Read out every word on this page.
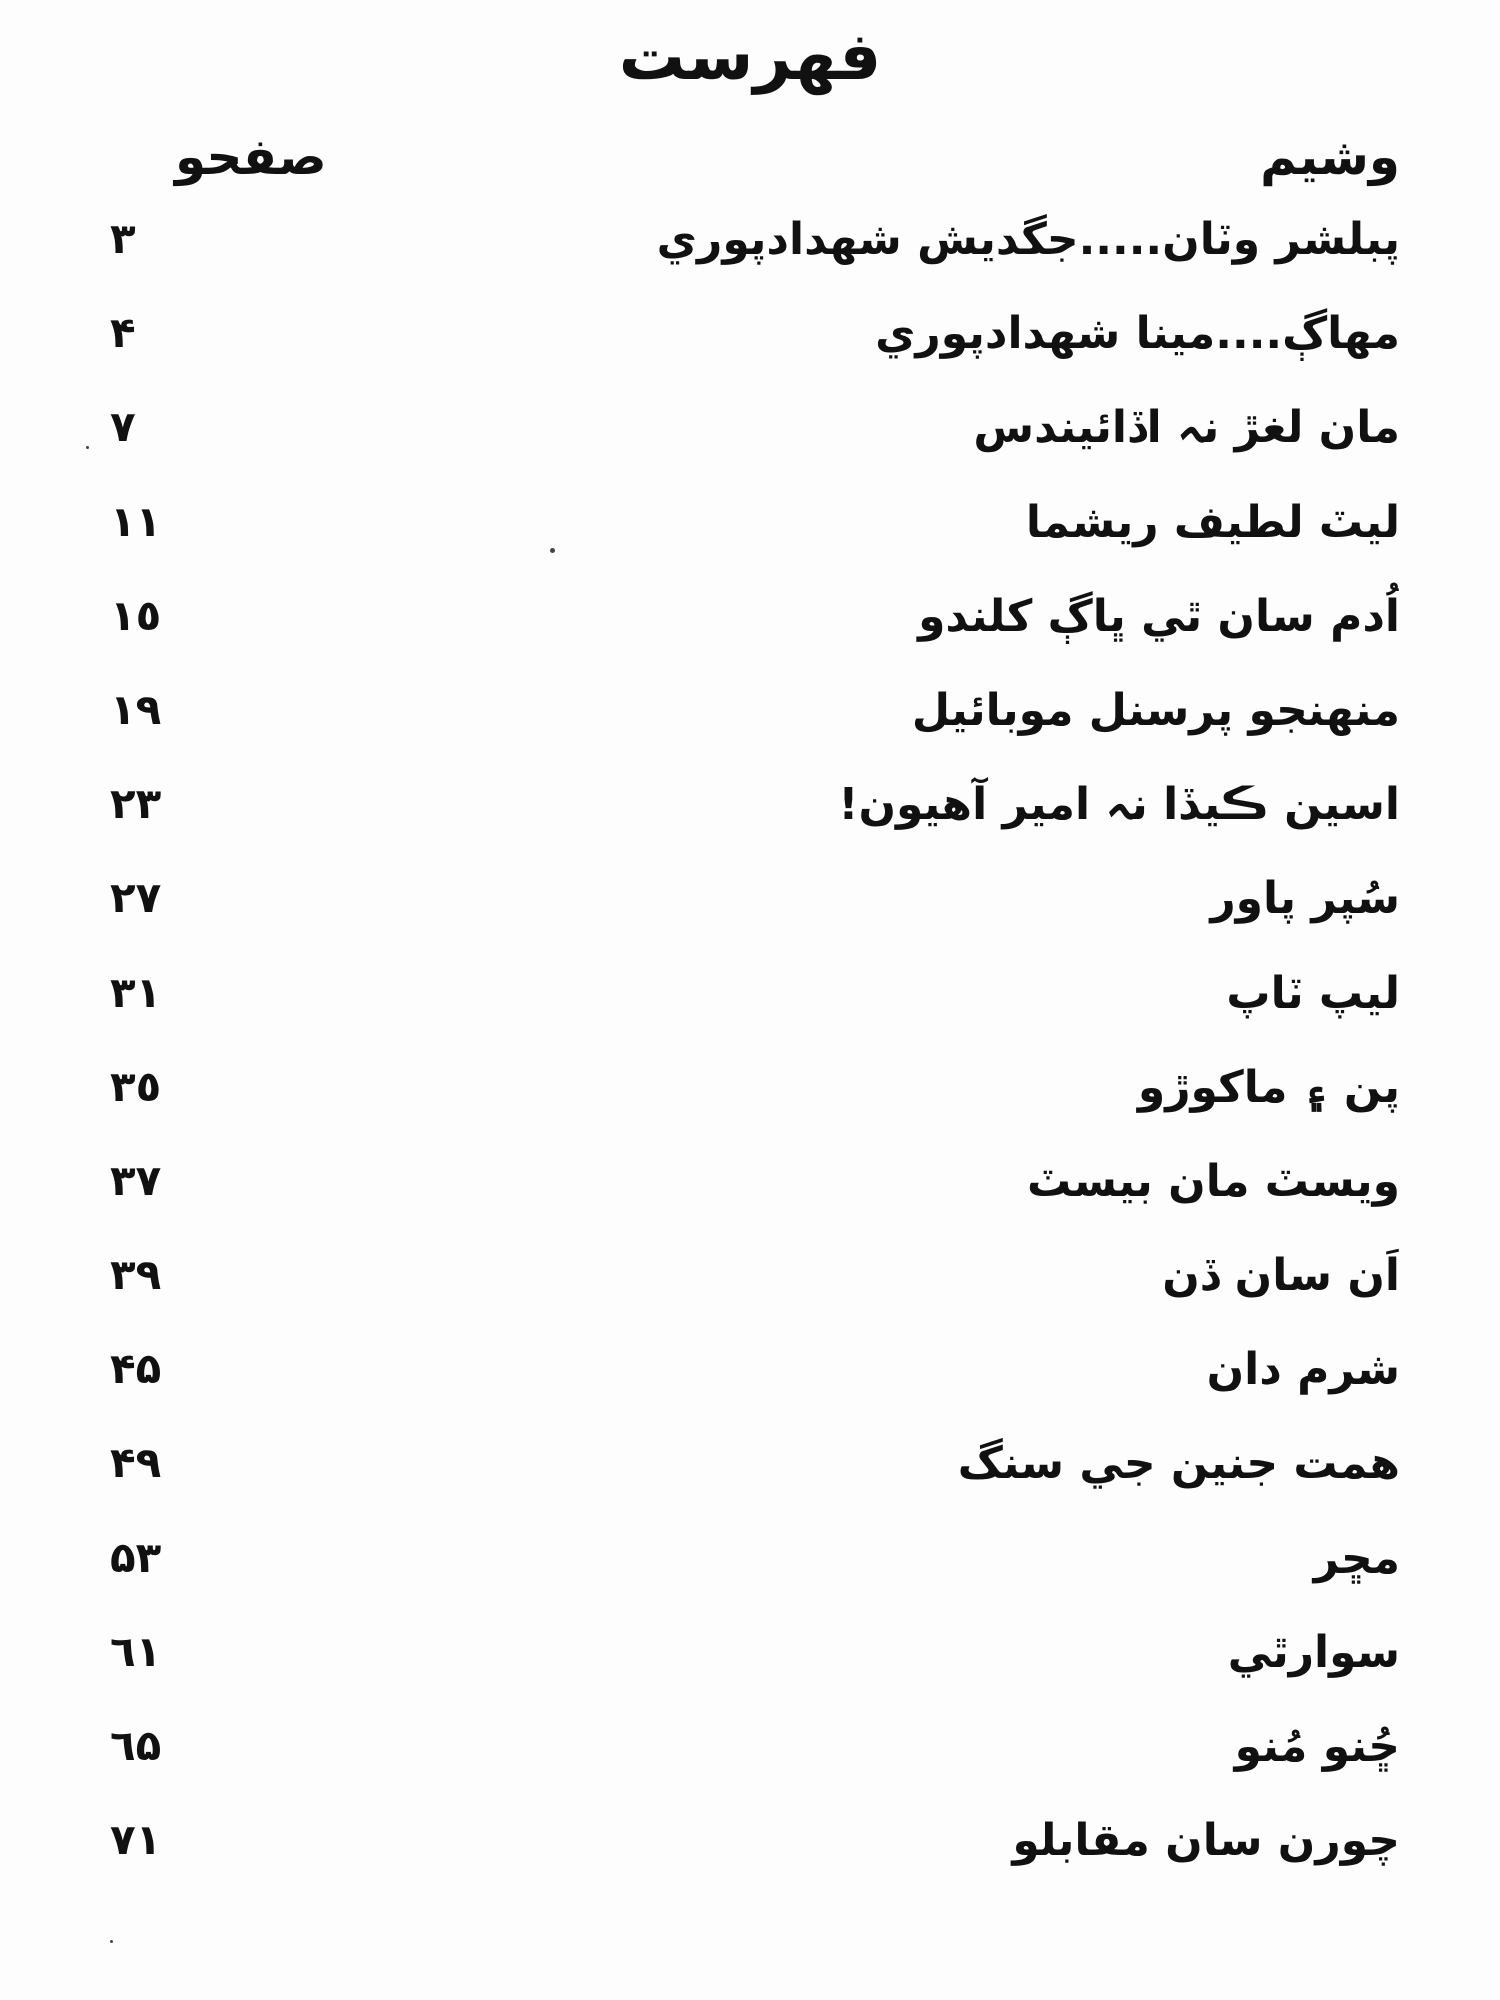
فهرست
وشيم
صفحو
پبلشر وٽان.....جگديش شهدادپوري
٣
مهاڳ....مينا شهدادپوري
۴
مان لغڙ نہ اڏائيندس
٧
ليٽ لطيف ريشما
١١
اُدم سان ٿي ڀاڳ کلندو
١٥
منهنجو پرسنل موبائيل
١٩
اسين ڪيڏا نہ امير آهيون!
٢٣
سُپر پاور
٢٧
ليپ ٽاپ
٣١
پن ۽ ماکوڙو
٣٥
ويسٽ مان بيسٽ
٣٧
اَن سان ڏن
٣٩
شرم دان
۴۵
همت جنين جي سنگ
۴٩
مڇر
۵٣
سوارٿي
٦١
ڇُنو مُنو
٦۵
چورن سان مقابلو
٧١
